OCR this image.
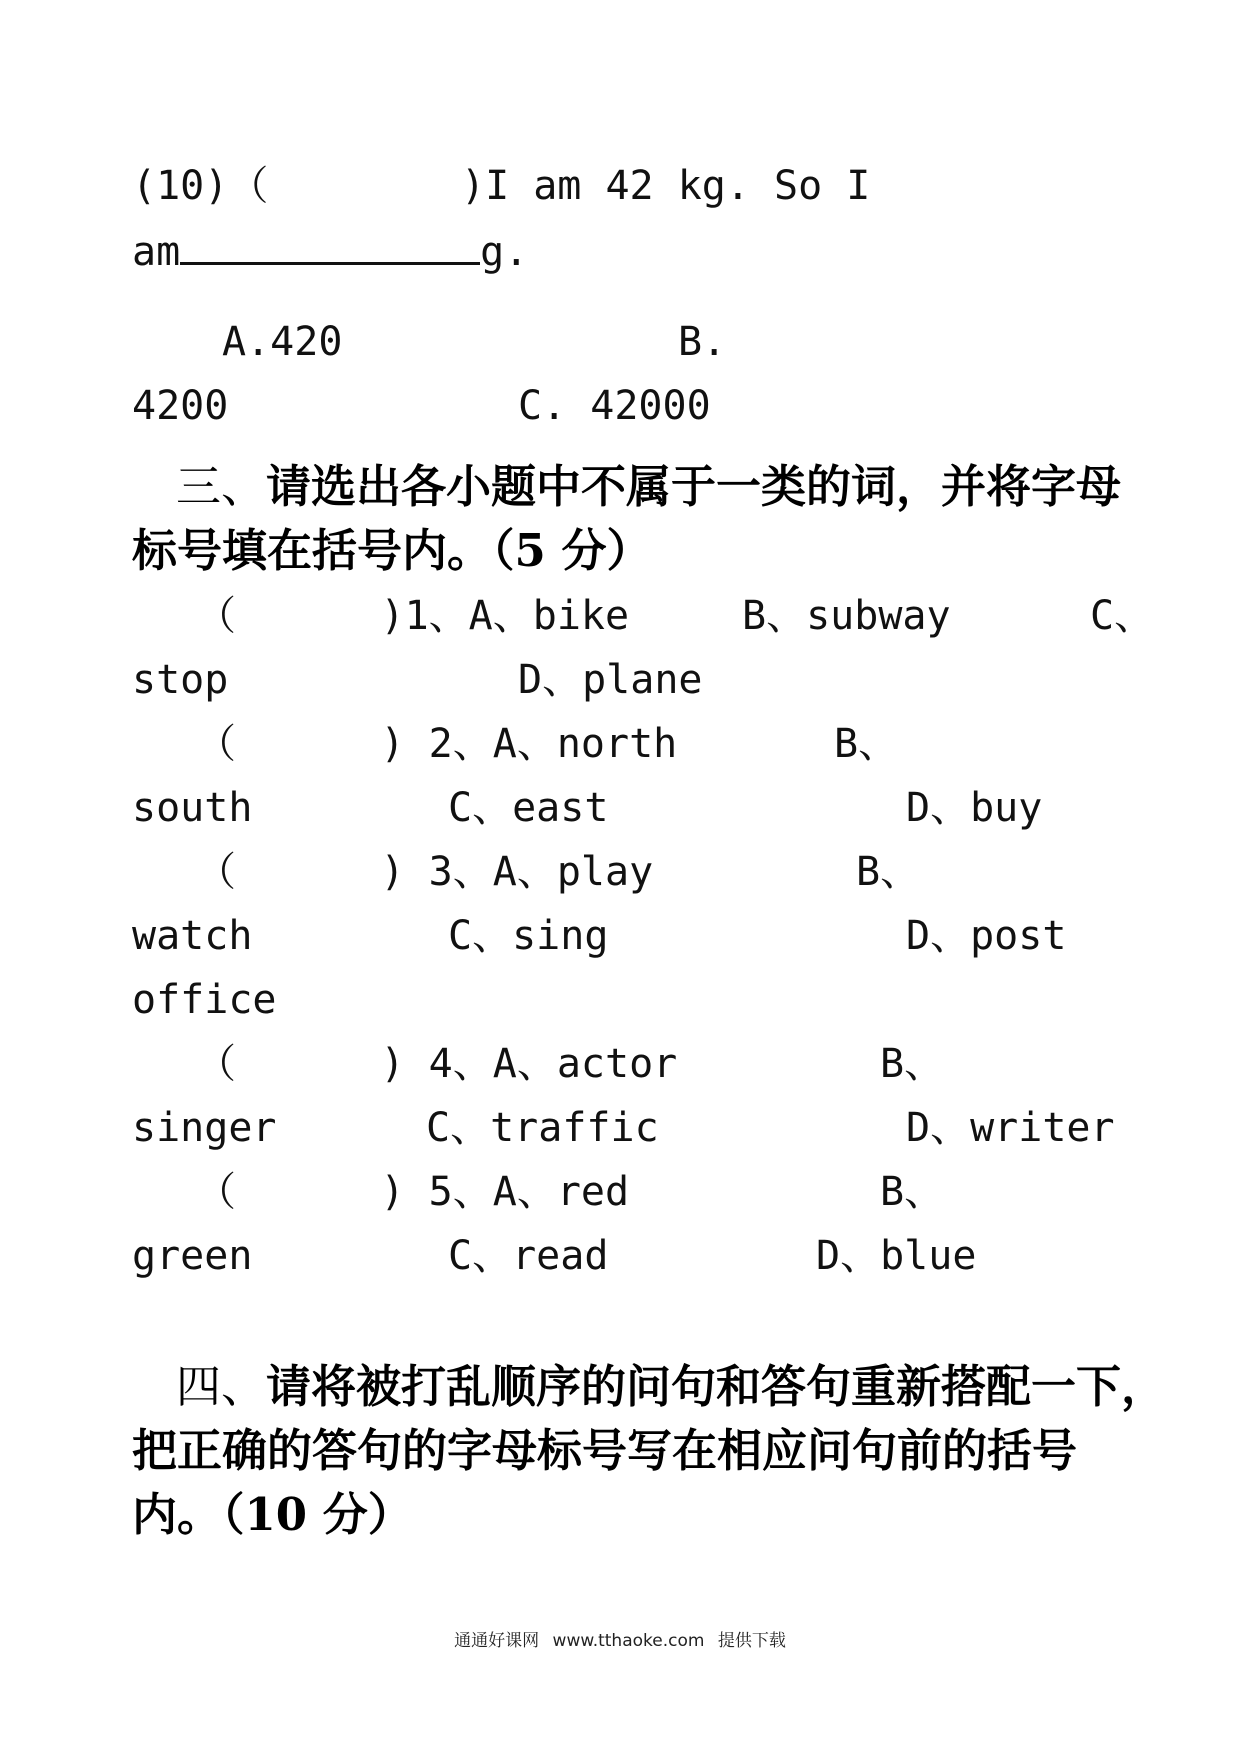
(10)（        )I am 42 kg. So I
am	g.
A.420	B.
4200	C. 42000
三、请选出各小题中不属于一类的词，并将字母
标号填在括号内。（5 分）
（      )1、A、bike	B、subway	C、
stop	D、plane
（      ) 2、A、north	B、
south	C、east	D、buy
（      ) 3、A、play	B、
watch	C、sing	D、post
office
（      ) 4、A、actor	B、
singer	C、traffic	D、writer
（      ) 5、A、red	B、
green	C、read	D、blue
四、请将被打乱顺序的问句和答句重新搭配一下，
把正确的答句的字母标号写在相应问句前的括号
内。（10 分）
通通好课网 www.tthaoke.com 提供下载
